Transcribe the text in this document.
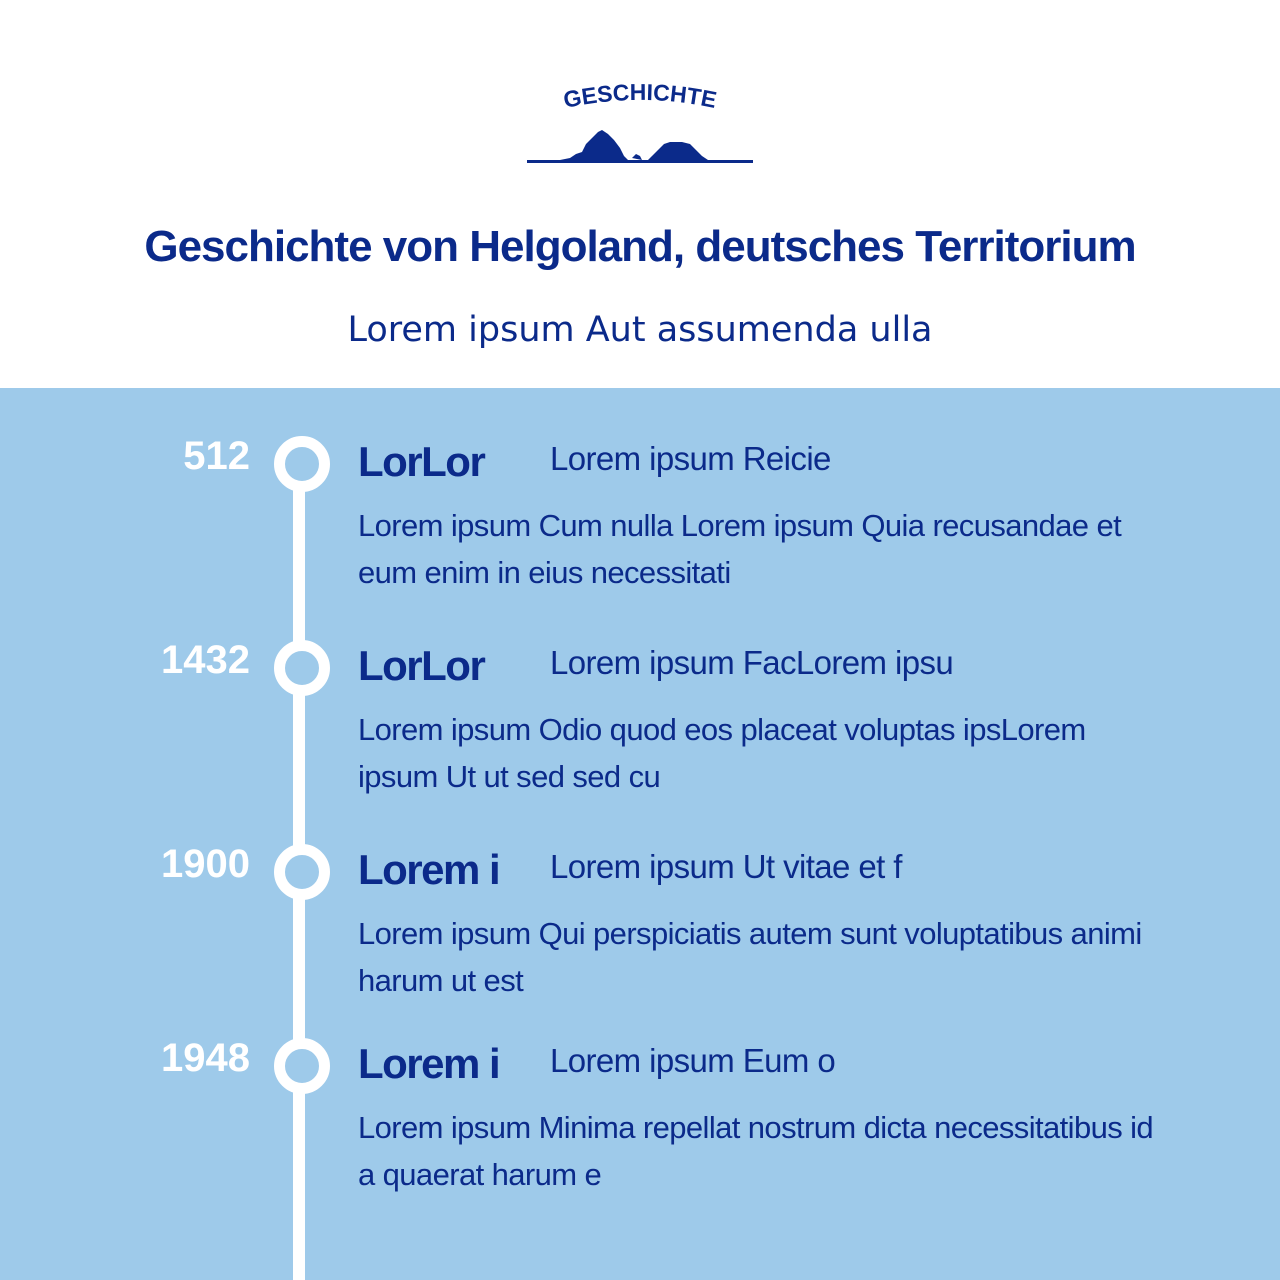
GESCHICHTE
Geschichte von Helgoland, deutsches Territorium

Lorem ipsum Aut assumenda ulla

512	LorLor Lorem ipsum Reicie
Lorem ipsum Cum nulla Lorem ipsum Quia recusandae et eum enim in eius necessitati
1432	LorLor Lorem ipsum FacLorem ipsu
Lorem ipsum Odio quod eos placeat voluptas ipsLorem ipsum Ut ut sed sed cu
1900	Lorem i Lorem ipsum Ut vitae et f
Lorem ipsum Qui perspiciatis autem sunt voluptatibus animi harum ut est
1948	Lorem i Lorem ipsum Eum o
Lorem ipsum Minima repellat nostrum dicta necessitatibus id a quaerat harum e
